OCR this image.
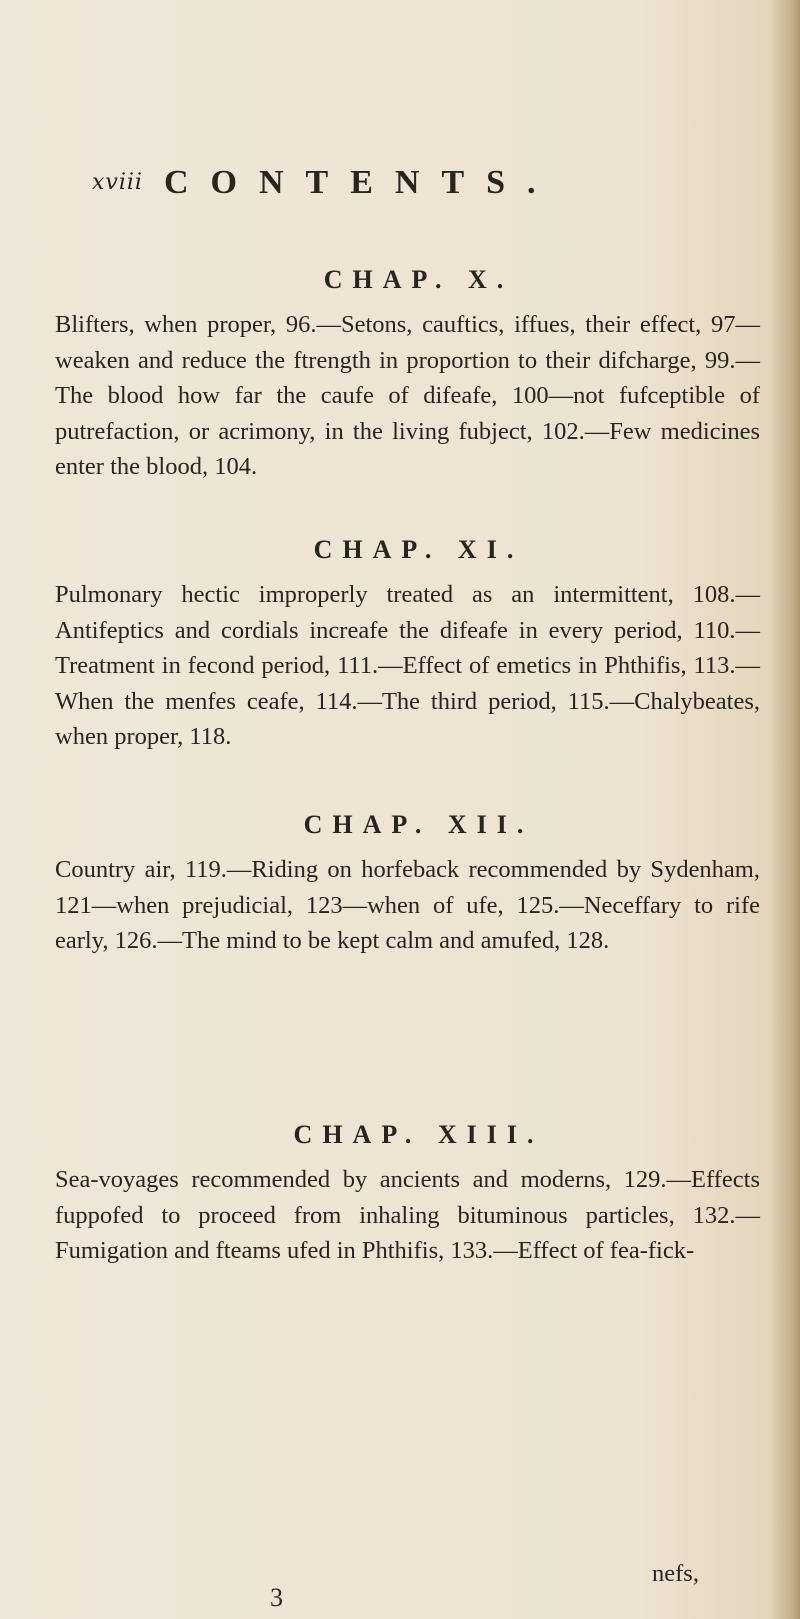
xviii CONTENTS.
CHAP. X.

Blifters, when proper, 96.—Setons, cauftics, iffues, their effect, 97—weaken and reduce the ftrength in proportion to their difcharge, 99.—The blood how far the caufe of difeafe, 100—not fufceptible of putrefaction, or acrimony, in the living fubject, 102.—Few medicines enter the blood, 104.

CHAP. XI.

Pulmonary hectic improperly treated as an intermittent, 108.—Antifeptics and cordials increafe the difeafe in every period, 110.—Treatment in fecond period, 111.—Effect of emetics in Phthifis, 113.—When the menfes ceafe, 114.—The third period, 115.—Chalybeates, when proper, 118.

CHAP. XII.

Country air, 119.—Riding on horfeback recommended by Sydenham, 121—when prejudicial, 123—when of ufe, 125.—Neceffary to rife early, 126.—The mind to be kept calm and amufed, 128.

CHAP. XIII.

Sea-voyages recommended by ancients and moderns, 129.—Effects fuppofed to proceed from inhaling bituminous particles, 132.—Fumigation and fteams ufed in Phthifis, 133.—Effect of fea-fick-

3
nefs,
